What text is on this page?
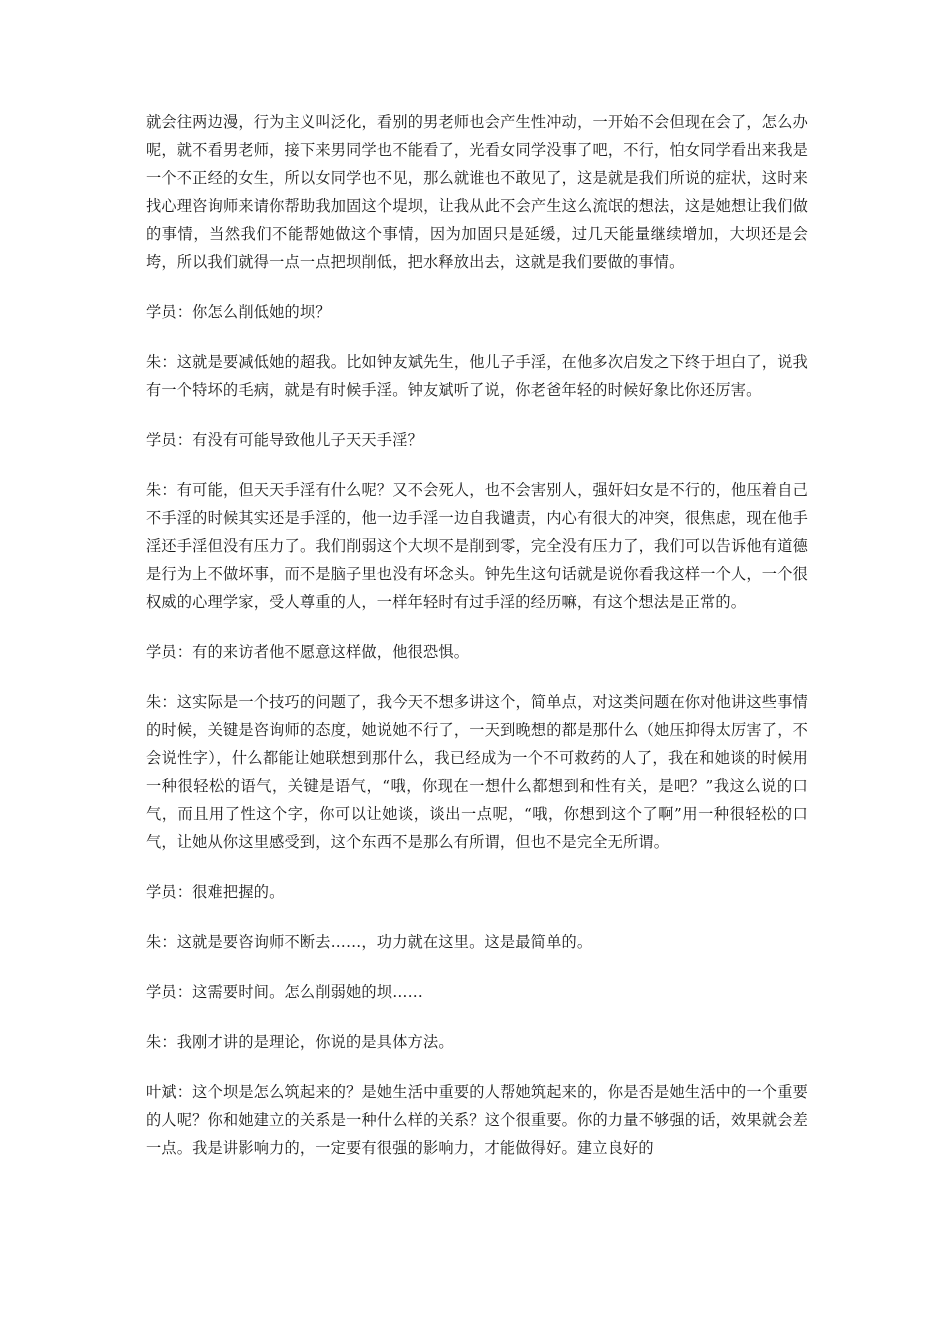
就会往两边漫，行为主义叫泛化，看别的男老师也会产生性冲动，一开始不会但现在会了，怎么办呢，就不看男老师，接下来男同学也不能看了，光看女同学没事了吧，不行，怕女同学看出来我是一个不正经的女生，所以女同学也不见，那么就谁也不敢见了，这是就是我们所说的症状，这时来找心理咨询师来请你帮助我加固这个堤坝，让我从此不会产生这么流氓的想法，这是她想让我们做的事情，当然我们不能帮她做这个事情，因为加固只是延缓，过几天能量继续增加，大坝还是会垮，所以我们就得一点一点把坝削低，把水释放出去，这就是我们要做的事情。

学员：你怎么削低她的坝？

朱：这就是要减低她的超我。比如钟友斌先生，他儿子手淫，在他多次启发之下终于坦白了，说我有一个特坏的毛病，就是有时候手淫。钟友斌听了说，你老爸年轻的时候好象比你还厉害。

学员：有没有可能导致他儿子天天手淫？

朱：有可能，但天天手淫有什么呢？又不会死人，也不会害别人，强奸妇女是不行的，他压着自己不手淫的时候其实还是手淫的，他一边手淫一边自我谴责，内心有很大的冲突，很焦虑，现在他手淫还手淫但没有压力了。我们削弱这个大坝不是削到零，完全没有压力了，我们可以告诉他有道德是行为上不做坏事，而不是脑子里也没有坏念头。钟先生这句话就是说你看我这样一个人，一个很权威的心理学家，受人尊重的人，一样年轻时有过手淫的经历嘛，有这个想法是正常的。

学员：有的来访者他不愿意这样做，他很恐惧。

朱：这实际是一个技巧的问题了，我今天不想多讲这个，简单点，对这类问题在你对他讲这些事情的时候，关键是咨询师的态度，她说她不行了，一天到晚想的都是那什么（她压抑得太厉害了，不会说性字），什么都能让她联想到那什么，我已经成为一个不可救药的人了，我在和她谈的时候用一种很轻松的语气，关键是语气，“哦，你现在一想什么都想到和性有关，是吧？”我这么说的口气，而且用了性这个字，你可以让她谈，谈出一点呢，“哦，你想到这个了啊”用一种很轻松的口气，让她从你这里感受到，这个东西不是那么有所谓，但也不是完全无所谓。

学员：很难把握的。

朱：这就是要咨询师不断去……，功力就在这里。这是最简单的。

学员：这需要时间。怎么削弱她的坝……

朱：我刚才讲的是理论，你说的是具体方法。

叶斌：这个坝是怎么筑起来的？是她生活中重要的人帮她筑起来的，你是否是她生活中的一个重要的人呢？你和她建立的关系是一种什么样的关系？这个很重要。你的力量不够强的话，效果就会差一点。我是讲影响力的，一定要有很强的影响力，才能做得好。建立良好的
